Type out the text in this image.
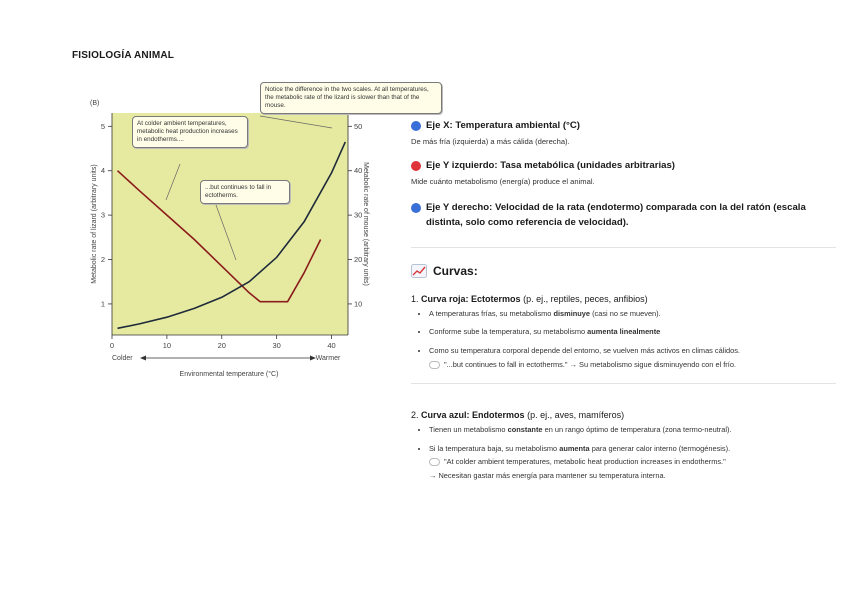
FISIOLOGÍA ANIMAL
0	10	20	30	40
1
2
3
4
5
10
20
30
40
50
(B)
Metabolic rate of lizard (arbitrary units)	Metabolic rate of mouse (arbitrary units)
Colder	Warmer
Environmental temperature (°C)
Notice the difference in the two scales. At all temperatures, the metabolic rate of the lizard is slower than that of the mouse.
At colder ambient temperatures, metabolic heat production increases in endotherms....
...but continues to fall in ectotherms.
Eje X: Temperatura ambiental (°C)
De más fría (izquierda) a más cálida (derecha).
Eje Y izquierdo: Tasa metabólica (unidades arbitrarias)
Mide cuánto metabolismo (energía) produce el animal.
Eje Y derecho: Velocidad de la rata (endotermo) comparada con la del ratón (escala distinta, solo como referencia de velocidad).
Curvas:
1. Curva roja: Ectotermos (p. ej., reptiles, peces, anfibios)
• A temperaturas frías, su metabolismo disminuye (casi no se mueven).
• Conforme sube la temperatura, su metabolismo aumenta linealmente
• Como su temperatura corporal depende del entorno, se vuelven más activos en climas cálidos.
"...but continues to fall in ectotherms." → Su metabolismo sigue disminuyendo con el frío.
2. Curva azul: Endotermos (p. ej., aves, mamíferos)
• Tienen un metabolismo constante en un rango óptimo de temperatura (zona termo-neutral).
• Si la temperatura baja, su metabolismo aumenta para generar calor interno (termogénesis).
"At colder ambient temperatures, metabolic heat production increases in endotherms."
→ Necesitan gastar más energía para mantener su temperatura interna.
